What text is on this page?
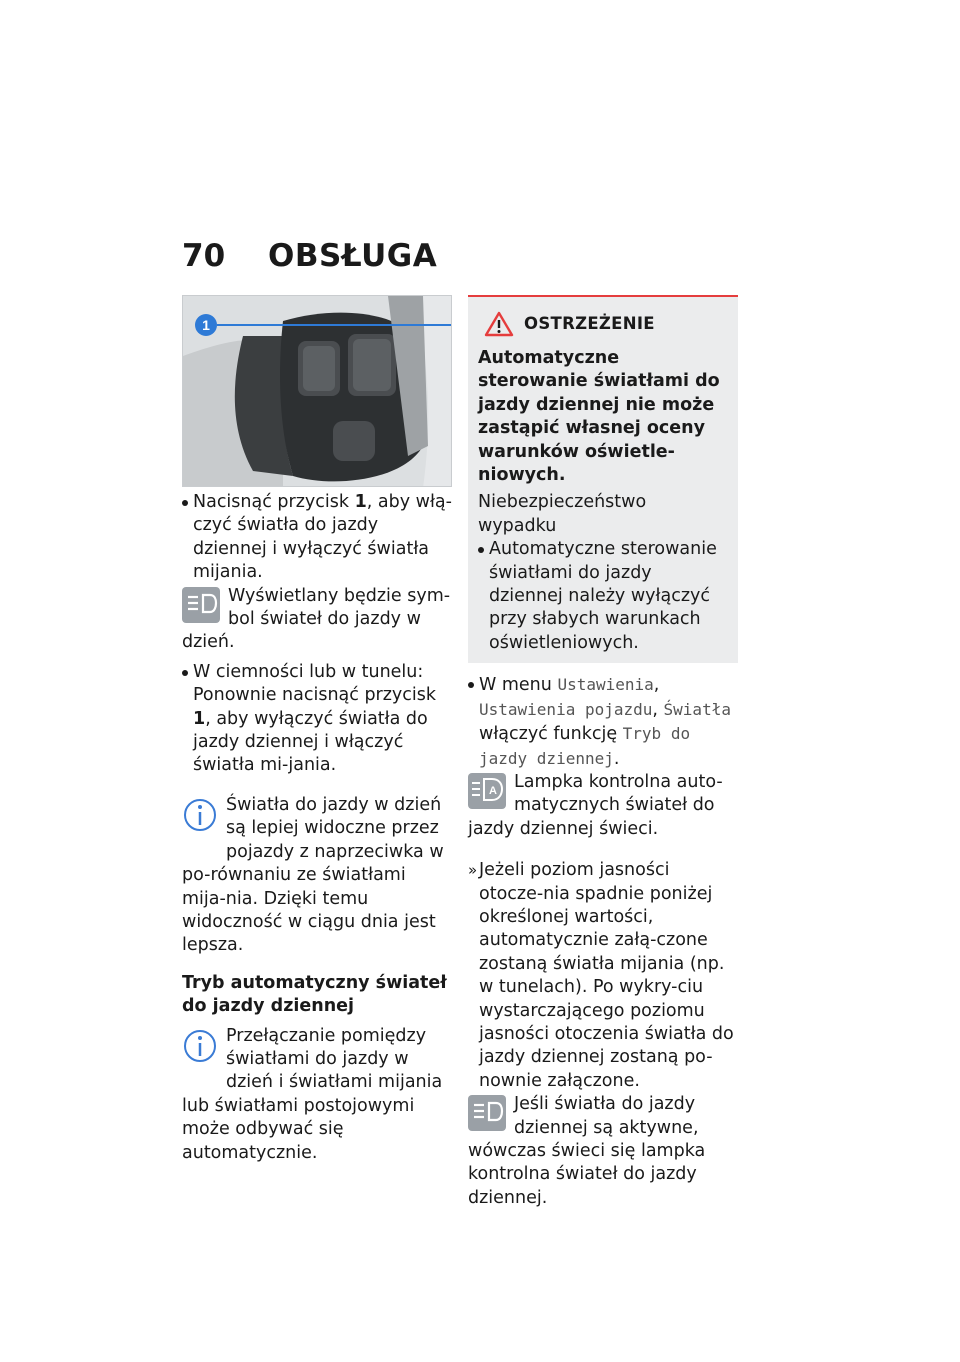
70	OBSŁUGA
1
Nacisnąć przycisk 1, aby włą-czyć światła do jazdy dziennej i wyłączyć światła mijania.

Wyświetlany będzie sym-bol świateł do jazdy w dzień.

W ciemności lub w tunelu: Ponownie nacisnąć przycisk 1, aby wyłączyć światła do jazdy dziennej i włączyć światła mi-jania.

Światła do jazdy w dzień są lepiej widoczne przez pojazdy z naprzeciwka w po-równaniu ze światłami mija-nia. Dzięki temu widoczność w ciągu dnia jest lepsza.

Tryb automatyczny świateł do jazdy dziennej

Przełączanie pomiędzy światłami do jazdy w dzień i światłami mijania lub światłami postojowymi może odbywać się automatycznie.

OSTRZEŻENIE
Automatyczne sterowanie światłami do jazdy dziennej nie może zastąpić własnej oceny warunków oświetle-niowych.
Niebezpieczeństwo wypadku
Automatyczne sterowanie światłami do jazdy dziennej należy wyłączyć przy słabych warunkach oświetleniowych.
W menu Ustawienia, Ustawienia pojazdu, Światła włączyć funkcję Tryb do jazdy dziennej.
A Lampka kontrolna auto-matycznych świateł do jazdy dziennej świeci.

» Jeżeli poziom jasności otocze-nia spadnie poniżej określonej wartości, automatycznie załą-czone zostaną światła mijania (np. w tunelach). Po wykry-ciu wystarczającego poziomu jasności otoczenia światła do jazdy dziennej zostaną po-nownie załączone.

Jeśli światła do jazdy dziennej są aktywne, wówczas świeci się lampka kontrolna świateł do jazdy dziennej.
